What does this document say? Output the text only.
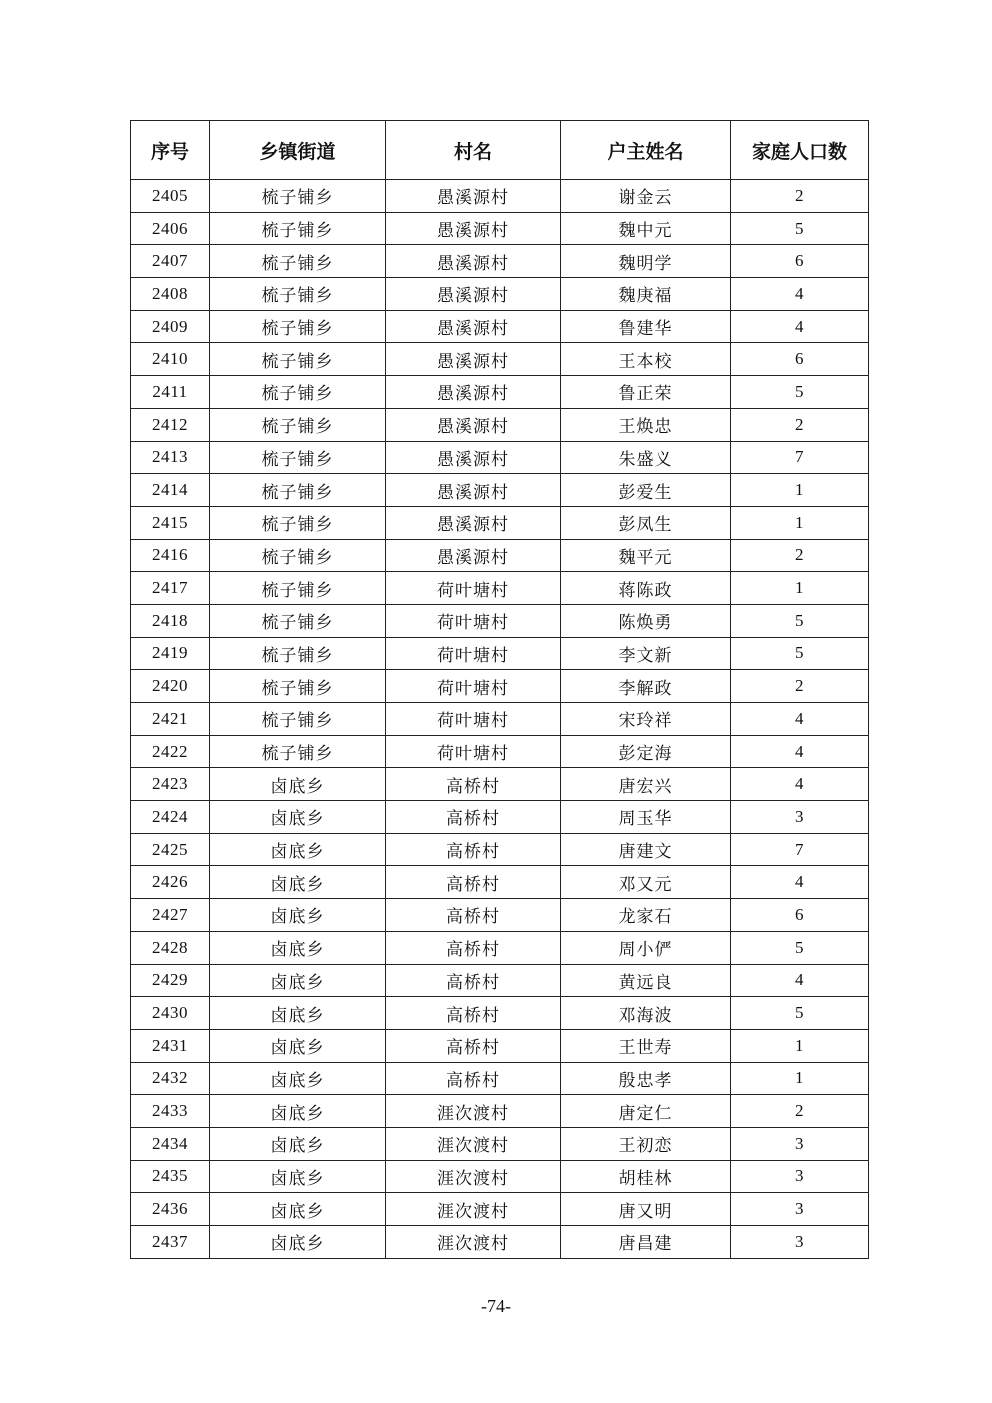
序号	乡镇街道	村名	户主姓名	家庭人口数
2405	梳子铺乡	愚溪源村	谢金云	2
2406	梳子铺乡	愚溪源村	魏中元	5
2407	梳子铺乡	愚溪源村	魏明学	6
2408	梳子铺乡	愚溪源村	魏庚福	4
2409	梳子铺乡	愚溪源村	鲁建华	4
2410	梳子铺乡	愚溪源村	王本校	6
2411	梳子铺乡	愚溪源村	鲁正荣	5
2412	梳子铺乡	愚溪源村	王焕忠	2
2413	梳子铺乡	愚溪源村	朱盛义	7
2414	梳子铺乡	愚溪源村	彭爱生	1
2415	梳子铺乡	愚溪源村	彭凤生	1
2416	梳子铺乡	愚溪源村	魏平元	2
2417	梳子铺乡	荷叶塘村	蒋陈政	1
2418	梳子铺乡	荷叶塘村	陈焕勇	5
2419	梳子铺乡	荷叶塘村	李文新	5
2420	梳子铺乡	荷叶塘村	李解政	2
2421	梳子铺乡	荷叶塘村	宋玲祥	4
2422	梳子铺乡	荷叶塘村	彭定海	4
2423	卤底乡	高桥村	唐宏兴	4
2424	卤底乡	高桥村	周玉华	3
2425	卤底乡	高桥村	唐建文	7
2426	卤底乡	高桥村	邓又元	4
2427	卤底乡	高桥村	龙家石	6
2428	卤底乡	高桥村	周小俨	5
2429	卤底乡	高桥村	黄远良	4
2430	卤底乡	高桥村	邓海波	5
2431	卤底乡	高桥村	王世寿	1
2432	卤底乡	高桥村	殷忠孝	1
2433	卤底乡	涯次渡村	唐定仁	2
2434	卤底乡	涯次渡村	王初恋	3
2435	卤底乡	涯次渡村	胡桂林	3
2436	卤底乡	涯次渡村	唐又明	3
2437	卤底乡	涯次渡村	唐昌建	3
-74-
